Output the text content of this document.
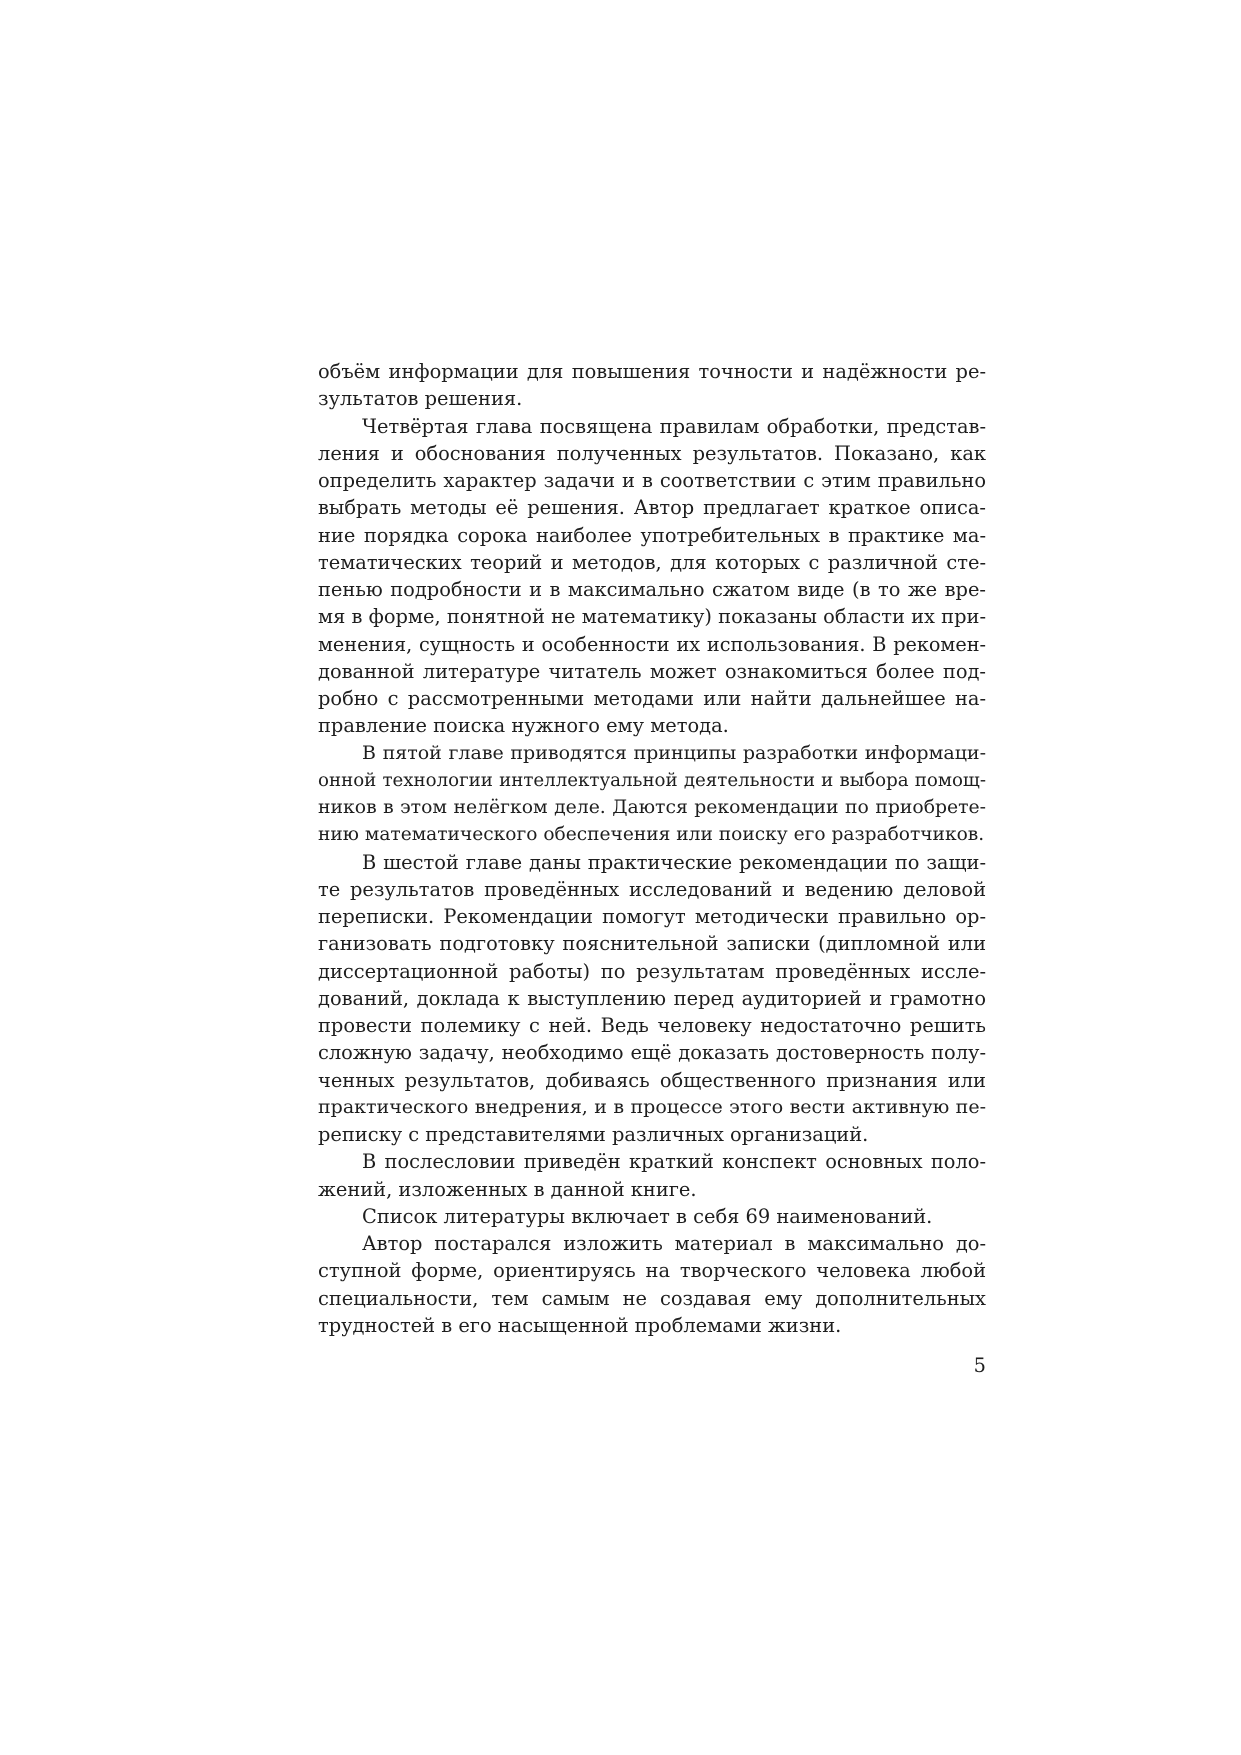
объём информации для повышения точности и надёжности ре-
зультатов решения.
Четвёртая глава посвящена правилам обработки, представ-
ления и обоснования полученных результатов. Показано, как
определить характер задачи и в соответствии с этим правильно
выбрать методы её решения. Автор предлагает краткое описа-
ние порядка сорока наиболее употребительных в практике ма-
тематических теорий и методов, для которых с различной сте-
пенью подробности и в максимально сжатом виде (в то же вре-
мя в форме, понятной не математику) показаны области их при-
менения, сущность и особенности их использования. В рекомен-
дованной литературе читатель может ознакомиться более под-
робно с рассмотренными методами или найти дальнейшее на-
правление поиска нужного ему метода.
В пятой главе приводятся принципы разработки информаци-
онной технологии интеллектуальной деятельности и выбора помощ-
ников в этом нелёгком деле. Даются рекомендации по приобрете-
нию математического обеспечения или поиску его разработчиков.
В шестой главе даны практические рекомендации по защи-
те результатов проведённых исследований и ведению деловой
переписки. Рекомендации помогут методически правильно ор-
ганизовать подготовку пояснительной записки (дипломной или
диссертационной работы) по результатам проведённых иссле-
дований, доклада к выступлению перед аудиторией и грамотно
провести полемику с ней. Ведь человеку недостаточно решить
сложную задачу, необходимо ещё доказать достоверность полу-
ченных результатов, добиваясь общественного признания или
практического внедрения, и в процессе этого вести активную пе-
реписку с представителями различных организаций.
В послесловии приведён краткий конспект основных поло-
жений, изложенных в данной книге.
Список литературы включает в себя 69 наименований.
Автор постарался изложить материал в максимально до-
ступной форме, ориентируясь на творческого человека любой
специальности, тем самым не создавая ему дополнительных
трудностей в его насыщенной проблемами жизни.
5
